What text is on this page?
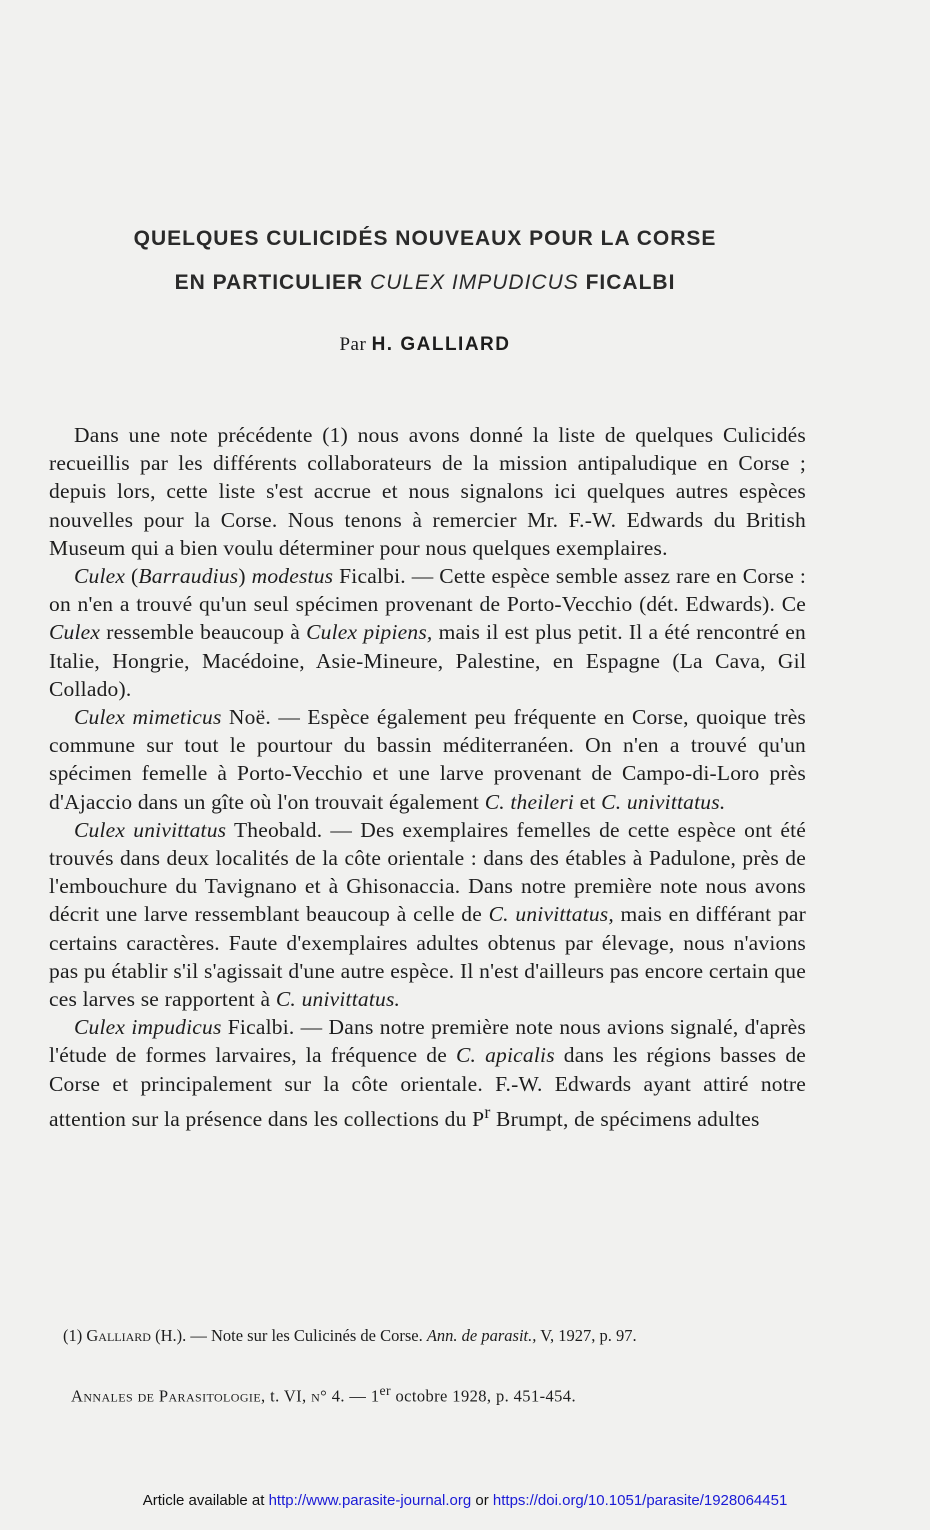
QUELQUES CULICIDÉS NOUVEAUX POUR LA CORSE
EN PARTICULIER CULEX IMPUDICUS FICALBI
Par H. GALLIARD

Dans une note précédente (1) nous avons donné la liste de quelques Culicidés recueillis par les différents collaborateurs de la mission antipaludique en Corse ; depuis lors, cette liste s'est accrue et nous signalons ici quelques autres espèces nouvelles pour la Corse. Nous tenons à remercier Mr. F.-W. Edwards du British Museum qui a bien voulu déterminer pour nous quelques exemplaires.

Culex (Barraudius) modestus Ficalbi. — Cette espèce semble assez rare en Corse : on n'en a trouvé qu'un seul spécimen provenant de Porto-Vecchio (dét. Edwards). Ce Culex ressemble beaucoup à Culex pipiens, mais il est plus petit. Il a été rencontré en Italie, Hongrie, Macédoine, Asie-Mineure, Palestine, en Espagne (La Cava, Gil Collado).

Culex mimeticus Noë. — Espèce également peu fréquente en Corse, quoique très commune sur tout le pourtour du bassin méditerranéen. On n'en a trouvé qu'un spécimen femelle à Porto-Vecchio et une larve provenant de Campo-di-Loro près d'Ajaccio dans un gîte où l'on trouvait également C. theileri et C. univittatus.

Culex univittatus Theobald. — Des exemplaires femelles de cette espèce ont été trouvés dans deux localités de la côte orientale : dans des étables à Padulone, près de l'embouchure du Tavignano et à Ghisonaccia. Dans notre première note nous avons décrit une larve ressemblant beaucoup à celle de C. univittatus, mais en différant par certains caractères. Faute d'exemplaires adultes obtenus par élevage, nous n'avions pas pu établir s'il s'agissait d'une autre espèce. Il n'est d'ailleurs pas encore certain que ces larves se rapportent à C. univittatus.

Culex impudicus Ficalbi. — Dans notre première note nous avions signalé, d'après l'étude de formes larvaires, la fréquence de C. apicalis dans les régions basses de Corse et principalement sur la côte orientale. F.-W. Edwards ayant attiré notre attention sur la présence dans les collections du $P^r$ Brumpt, de spécimens adultes

(1) Galliard (H.). — Note sur les Culicinés de Corse. Ann. de parasit., V, 1927, p. 97.

Annales de Parasitologie, t. VI, n° 4. — 1er octobre 1928, p. 451-454.
Article available at http://www.parasite-journal.org or https://doi.org/10.1051/parasite/1928064451
